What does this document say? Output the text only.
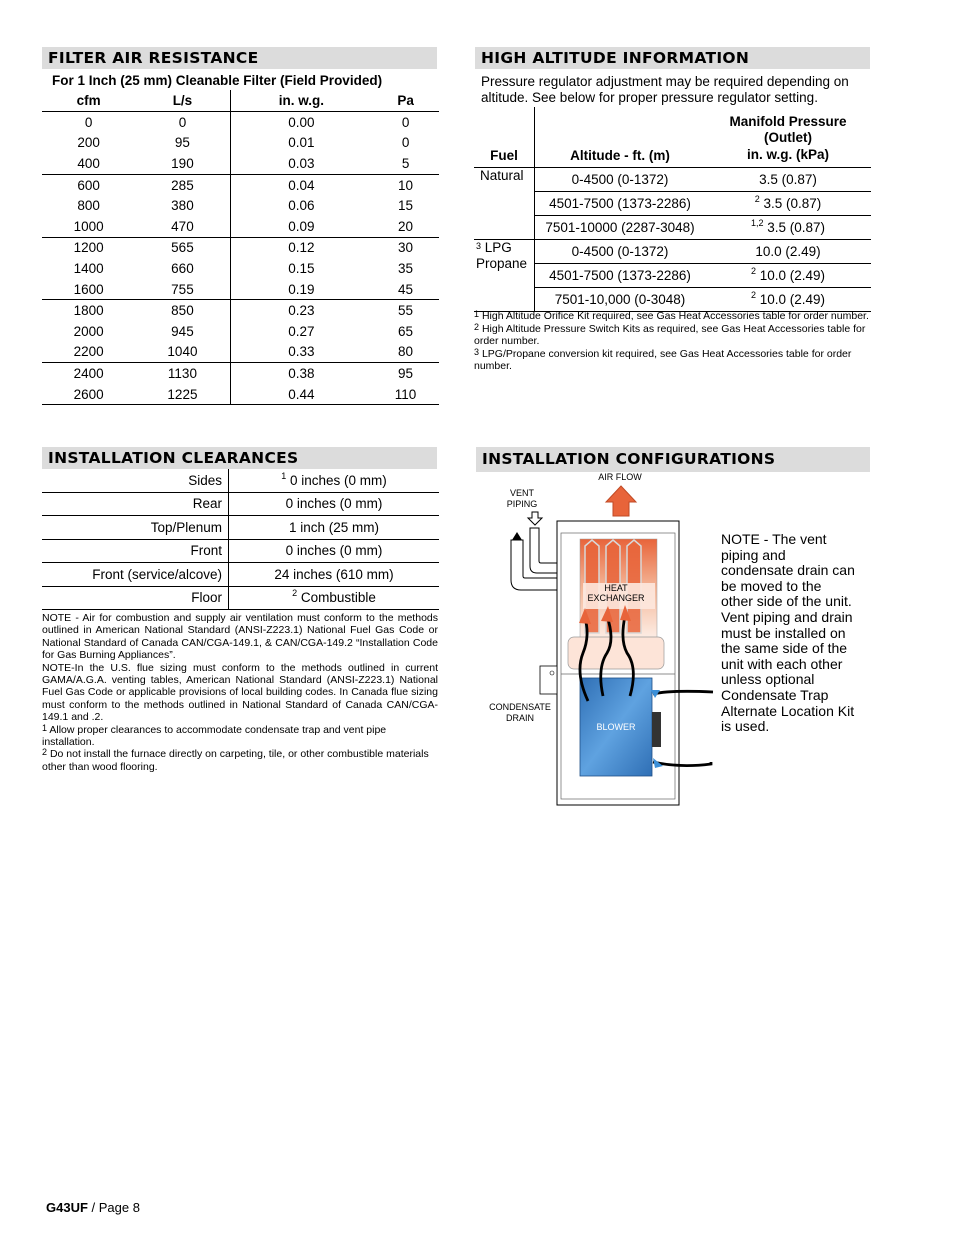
FILTER AIR RESISTANCE
For 1 Inch (25 mm) Cleanable Filter (Field Provided)
cfm	L/s	in. w.g.	Pa
0	0	0.00	0
200	95	0.01	0
400	190	0.03	5
600	285	0.04	10
800	380	0.06	15
1000	470	0.09	20
1200	565	0.12	30
1400	660	0.15	35
1600	755	0.19	45
1800	850	0.23	55
2000	945	0.27	65
2200	1040	0.33	80
2400	1130	0.38	95
2600	1225	0.44	110
HIGH ALTITUDE INFORMATION
Pressure regulator adjustment may be required depending on altitude. See below for proper pressure regulator setting.
Fuel	Altitude - ft. (m)	Manifold Pressure
(Outlet)
in. w.g. (kPa)

Natural	0-4500 (0-1372)	3.5 (0.87)
	4501-7500 (1373-2286)	$^2$ 3.5 (0.87)
	7501-10000 (2287-3048)	$^{1,2}$ 3.5 (0.87)

$^3$ LPG
Propane	0-4500 (0-1372)	10.0 (2.49)
	4501-7500 (1373-2286)	$^2$ 10.0 (2.49)
	7501-10,000 (0-3048)	$^2$ 10.0 (2.49)
$^1$ High Altitude Orifice Kit required, see Gas Heat Accessories table for order number.
$^2$ High Altitude Pressure Switch Kits as required, see Gas Heat Accessories table for order number.
$^3$ LPG/Propane conversion kit required, see Gas Heat Accessories table for order number.
INSTALLATION CLEARANCES
Sides	$^1$ 0 inches (0 mm)
Rear	0 inches (0 mm)
Top/Plenum	1 inch (25 mm)
Front	0 inches (0 mm)
Front (service/alcove)	24 inches (610 mm)
Floor	$^2$ Combustible
NOTE - Air for combustion and supply air ventilation must conform to the methods outlined in American National Standard (ANSI-Z223.1) National Fuel Gas Code or National Standard of Canada CAN/CGA-149.1, & CAN/CGA-149.2 “Installation Code for Gas Burning Appliances”.
NOTE-In the U.S. flue sizing must conform to the methods outlined in current GAMA/A.G.A. venting tables, American National Standard (ANSI-Z223.1) National Fuel Gas Code or applicable provisions of local building codes. In Canada flue sizing must conform to the methods outlined in National Standard of Canada CAN/CGA-149.1 and .2.
$^1$ Allow proper clearances to accommodate condensate trap and vent pipe installation.
$^2$ Do not install the furnace directly on carpeting, tile, or other combustible materials other than wood flooring.
INSTALLATION CONFIGURATIONS
AIR FLOW
VENT
PIPING
HEAT
EXCHANGER
BLOWER
CONDENSATE
DRAIN
NOTE - The vent piping and condensate drain can be moved to the other side of the unit. Vent piping and drain must be installed on the same side of the unit with each other unless optional Condensate Trap Alternate Location Kit is used.
G43UF / Page 8
